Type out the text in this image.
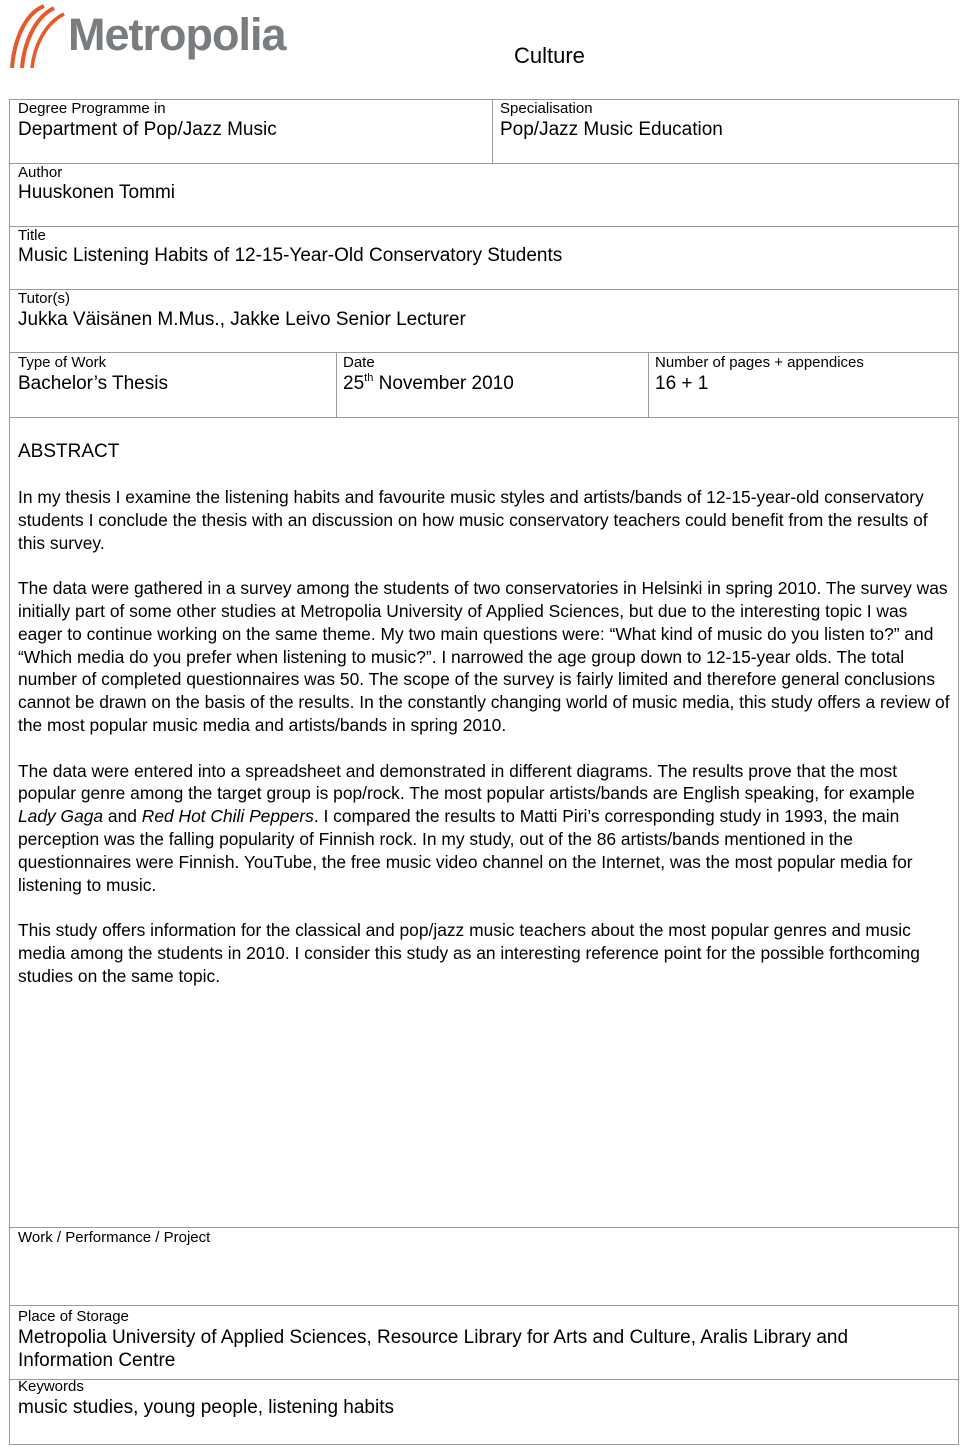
Metropolia	Culture
Degree Programme in
Department of Pop/Jazz Music
Specialisation
Pop/Jazz Music Education
Author
Huuskonen Tommi
Title
Music Listening Habits of 12-15-Year-Old Conservatory Students
Tutor(s)
Jukka Väisänen M.Mus., Jakke Leivo Senior Lecturer
Type of Work
Bachelor’s Thesis
Date
25th November 2010
Number of pages + appendices
16 + 1
ABSTRACT

In my thesis I examine the listening habits and favourite music styles and artists/bands of 12-15-year-old conservatory students I conclude the thesis with an discussion on how music conservatory teachers could benefit from the results of this survey.

The data were gathered in a survey among the students of two conservatories in Helsinki in spring 2010. The survey was initially part of some other studies at Metropolia University of Applied Sciences, but due to the interesting topic I was eager to continue working on the same theme. My two main questions were: “What kind of music do you listen to?” and “Which media do you prefer when listening to music?”. I narrowed the age group down to 12-15-year olds. The total number of completed questionnaires was 50. The scope of the survey is fairly limited and therefore general conclusions cannot be drawn on the basis of the results. In the constantly changing world of music media, this study offers a review of the most popular music media and artists/bands in spring 2010.

The data were entered into a spreadsheet and demonstrated in different diagrams. The results prove that the most popular genre among the target group is pop/rock. The most popular artists/bands are English speaking, for example Lady Gaga and Red Hot Chili Peppers. I compared the results to Matti Piri’s corresponding study in 1993, the main perception was the falling popularity of Finnish rock. In my study, out of the 86 artists/bands mentioned in the questionnaires were Finnish. YouTube, the free music video channel on the Internet, was the most popular media for listening to music.

This study offers information for the classical and pop/jazz music teachers about the most popular genres and music media among the students in 2010. I consider this study as an interesting reference point for the possible forthcoming studies on the same topic.

Work / Performance / Project
Place of Storage
Metropolia University of Applied Sciences, Resource Library for Arts and Culture, Aralis Library and Information Centre
Keywords
music studies, young people, listening habits
